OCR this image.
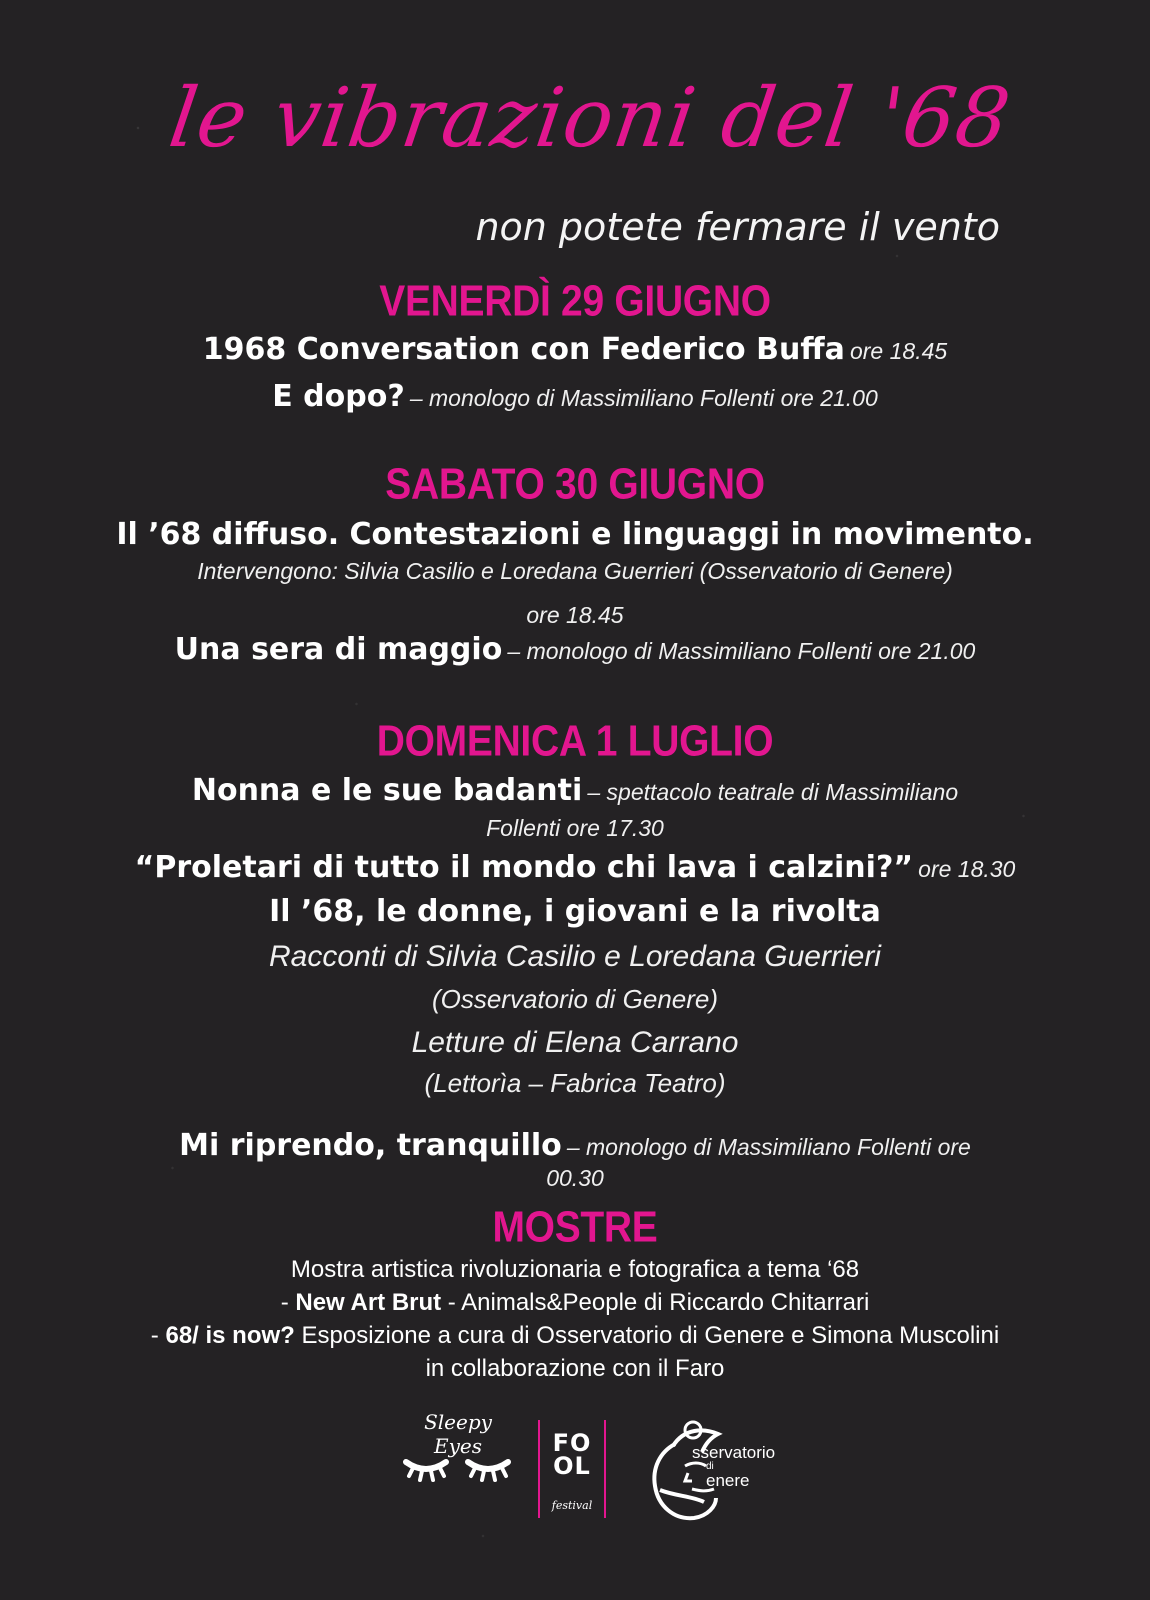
le vibrazioni del '68
non potete fermare il vento
VENERDÌ 29 GIUGNO
1968 Conversation con Federico Buffa ore 18.45
E dopo? – monologo di Massimiliano Follenti ore 21.00
SABATO 30 GIUGNO
Il ’68 diffuso. Contestazioni e linguaggi in movimento.
Intervengono: Silvia Casilio e Loredana Guerrieri (Osservatorio di Genere)
ore 18.45
Una sera di maggio – monologo di Massimiliano Follenti ore 21.00
DOMENICA 1 LUGLIO
Nonna e le sue badanti – spettacolo teatrale di Massimiliano
Follenti ore 17.30
“Proletari di tutto il mondo chi lava i calzini?” ore 18.30
Il ’68, le donne, i giovani e la rivolta
Racconti di Silvia Casilio e Loredana Guerrieri
(Osservatorio di Genere)
Letture di Elena Carrano
(Lettorìa – Fabrica Teatro)
Mi riprendo, tranquillo – monologo di Massimiliano Follenti ore
00.30
MOSTRE
Mostra artistica rivoluzionaria e fotografica a tema ‘68
- New Art Brut - Animals&People di Riccardo Chitarrari
- 68/ is now? Esposizione a cura di Osservatorio di Genere e Simona Muscolini
in collaborazione con il Faro
Sleepy Eyes	FO OL
festival
sservatorio
di
enere
